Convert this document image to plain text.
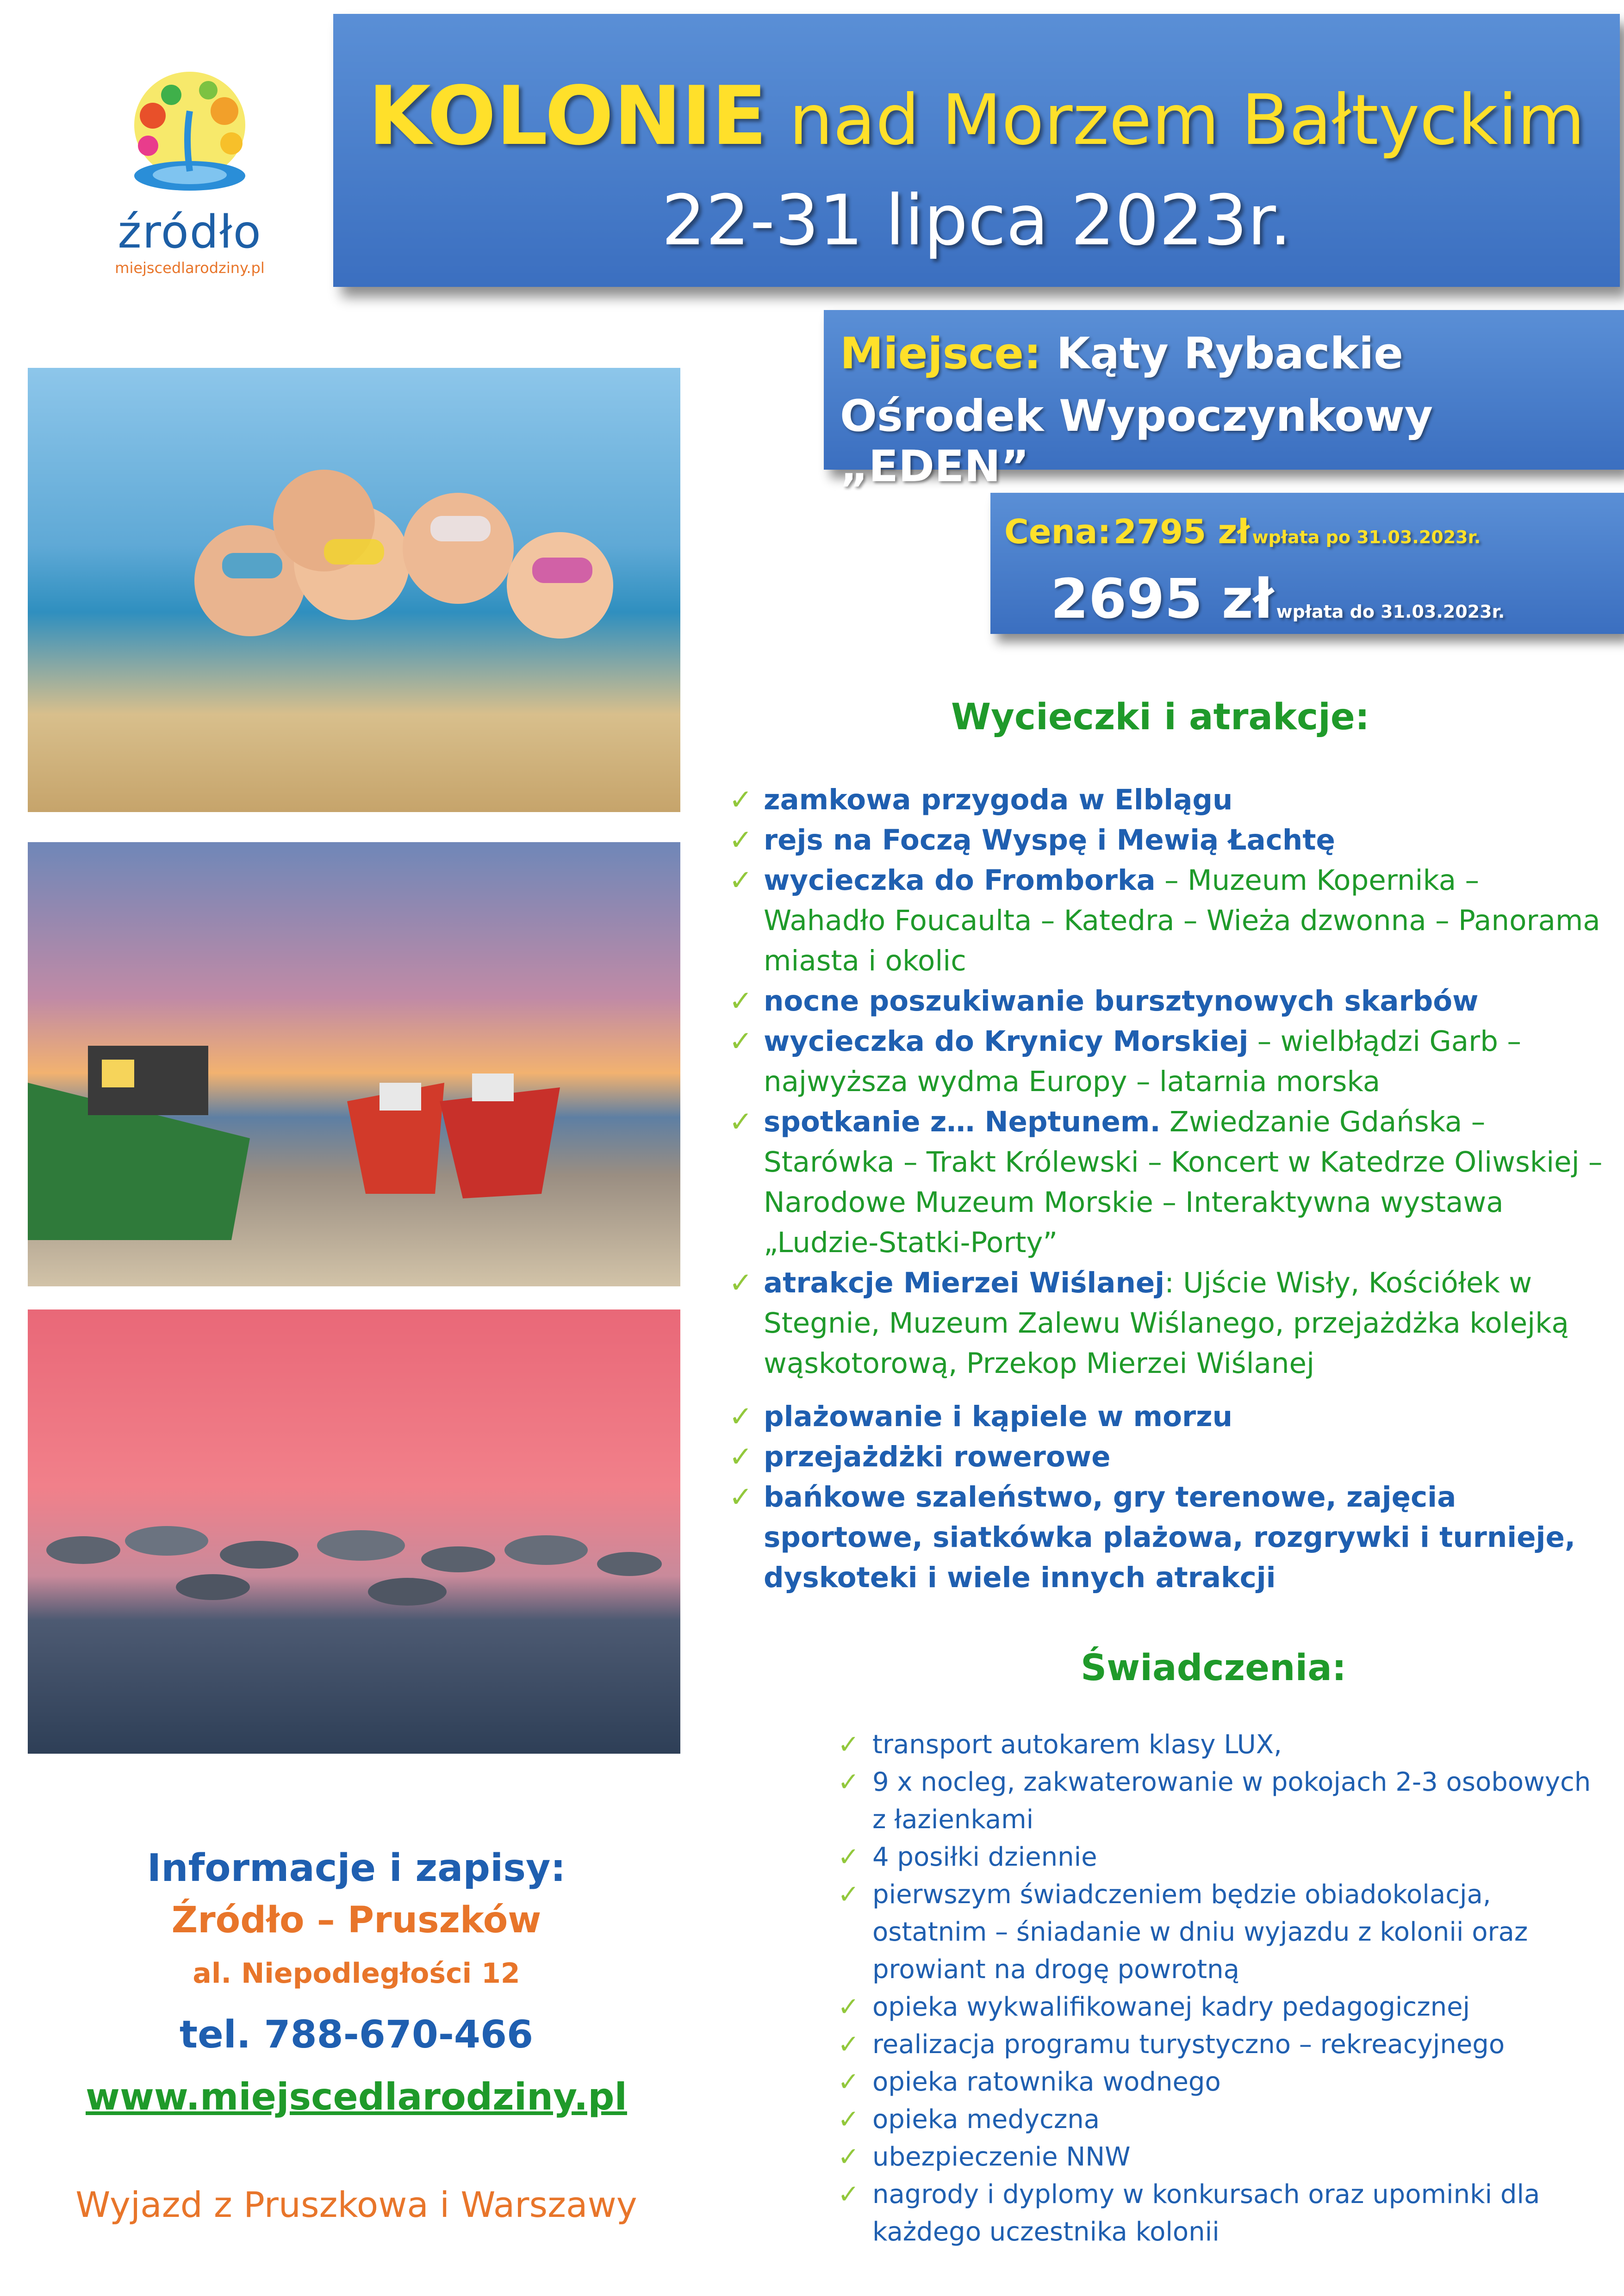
źródło
miejscedlarodziny.pl
KOLONIE nad Morzem Bałtyckim
22-31 lipca 2023r.
Miejsce: Kąty Rybackie
Ośrodek Wypoczynkowy „EDEN”
Cena: 2795 zł wpłata po 31.03.2023r.
2695 zł wpłata do 31.03.2023r.
Wycieczki i atrakcje:
✓ zamkowa przygoda w Elblągu
✓ rejs na Foczą Wyspę i Mewią Łachtę
✓ wycieczka do Fromborka – Muzeum Kopernika – Wahadło Foucaulta – Katedra – Wieża dzwonna – Panorama miasta i okolic
✓ nocne poszukiwanie bursztynowych skarbów
✓ wycieczka do Krynicy Morskiej – wielbłądzi Garb – najwyższa wydma Europy – latarnia morska
✓ spotkanie z… Neptunem. Zwiedzanie Gdańska – Starówka – Trakt Królewski – Koncert w Katedrze Oliwskiej – Narodowe Muzeum Morskie – Interaktywna wystawa „Ludzie-Statki-Porty”
✓ atrakcje Mierzei Wiślanej: Ujście Wisły, Kościółek w Stegnie, Muzeum Zalewu Wiślanego, przejażdżka kolejką wąskotorową, Przekop Mierzei Wiślanej
✓ plażowanie i kąpiele w morzu
✓ przejażdżki rowerowe
✓ bańkowe szaleństwo, gry terenowe, zajęcia sportowe, siatkówka plażowa, rozgrywki i turnieje, dyskoteki i wiele innych atrakcji
Świadczenia:
✓ transport autokarem klasy LUX,
✓ 9 x nocleg, zakwaterowanie w pokojach 2-3 osobowych z łazienkami
✓ 4 posiłki dziennie
✓ pierwszym świadczeniem będzie obiadokolacja, ostatnim – śniadanie w dniu wyjazdu z kolonii oraz prowiant na drogę powrotną
✓ opieka wykwalifikowanej kadry pedagogicznej
✓ realizacja programu turystyczno – rekreacyjnego
✓ opieka ratownika wodnego
✓ opieka medyczna
✓ ubezpieczenie NNW
✓ nagrody i dyplomy w konkursach oraz upominki dla każdego uczestnika kolonii
Informacje i zapisy:
Źródło – Pruszków
al. Niepodległości 12
tel. 788-670-466
www.miejscedlarodziny.pl
Wyjazd z Pruszkowa i Warszawy
